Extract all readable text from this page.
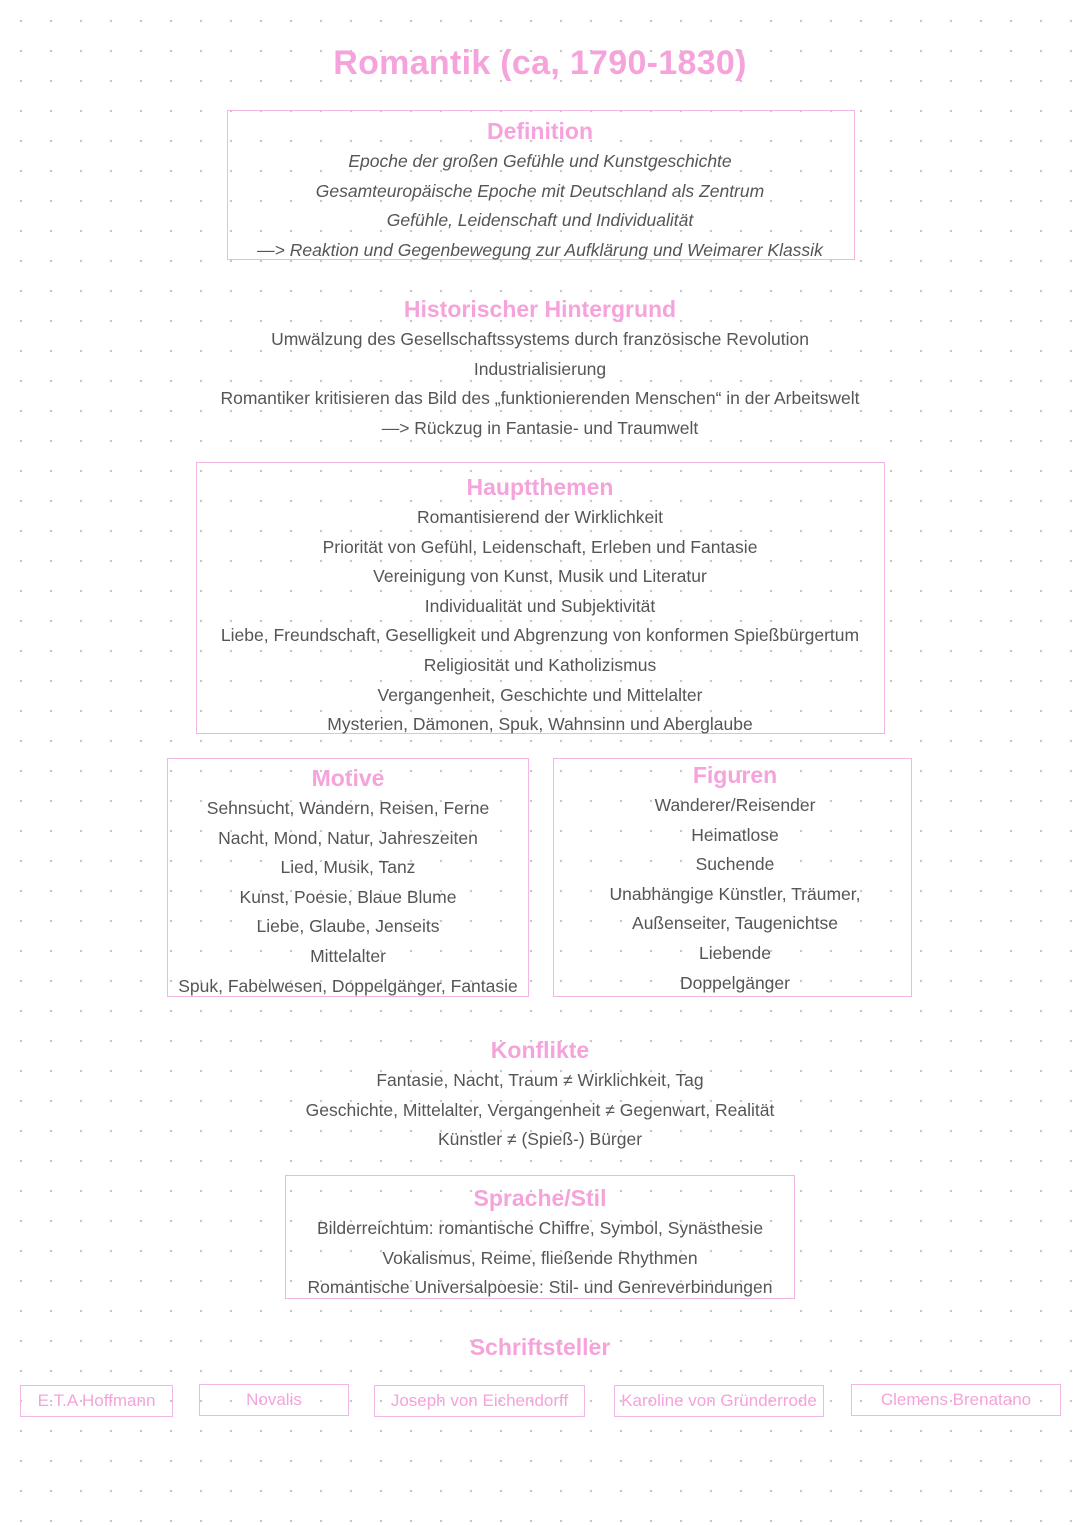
Romantik (ca, 1790-1830)
Definition
Epoche der großen Gefühle und Kunstgeschichte
Gesamteuropäische Epoche mit Deutschland als Zentrum
Gefühle, Leidenschaft und Individualität
—> Reaktion und Gegenbewegung zur Aufklärung und Weimarer Klassik
Historischer Hintergrund
Umwälzung des Gesellschaftssystems durch französische Revolution
Industrialisierung
Romantiker kritisieren das Bild des „funktionierenden Menschen“ in der Arbeitswelt
—> Rückzug in Fantasie- und Traumwelt
Hauptthemen
Romantisierend der Wirklichkeit
Priorität von Gefühl, Leidenschaft, Erleben und Fantasie
Vereinigung von Kunst, Musik und Literatur
Individualität und Subjektivität
Liebe, Freundschaft, Geselligkeit und Abgrenzung von konformen Spießbürgertum
Religiosität und Katholizismus
Vergangenheit, Geschichte und Mittelalter
Mysterien, Dämonen, Spuk, Wahnsinn und Aberglaube
Motive
Sehnsucht, Wandern, Reisen, Ferne
Nacht, Mond, Natur, Jahreszeiten
Lied, Musik, Tanz
Kunst, Poesie, Blaue Blume
Liebe, Glaube, Jenseits
Mittelalter
Spuk, Fabelwesen, Doppelgänger, Fantasie
Figuren
Wanderer/Reisender
Heimatlose
Suchende
Unabhängige Künstler, Träumer,
Außenseiter, Taugenichtse
Liebende
Doppelgänger
Konflikte
Fantasie, Nacht, Traum ≠ Wirklichkeit, Tag
Geschichte, Mittelalter, Vergangenheit ≠ Gegenwart, Realität
Künstler ≠ (Spieß-) Bürger
Sprache/Stil
Bilderreichtum: romantische Chiffre, Symbol, Synästhesie
Vokalismus, Reime, fließende Rhythmen
Romantische Universalpoesie: Stil- und Genreverbindungen
Schriftsteller
E.T.A Hoffmann	Novalis	Joseph von Eichendorff	Karoline von Gründerrode	Clemens Brenatano
